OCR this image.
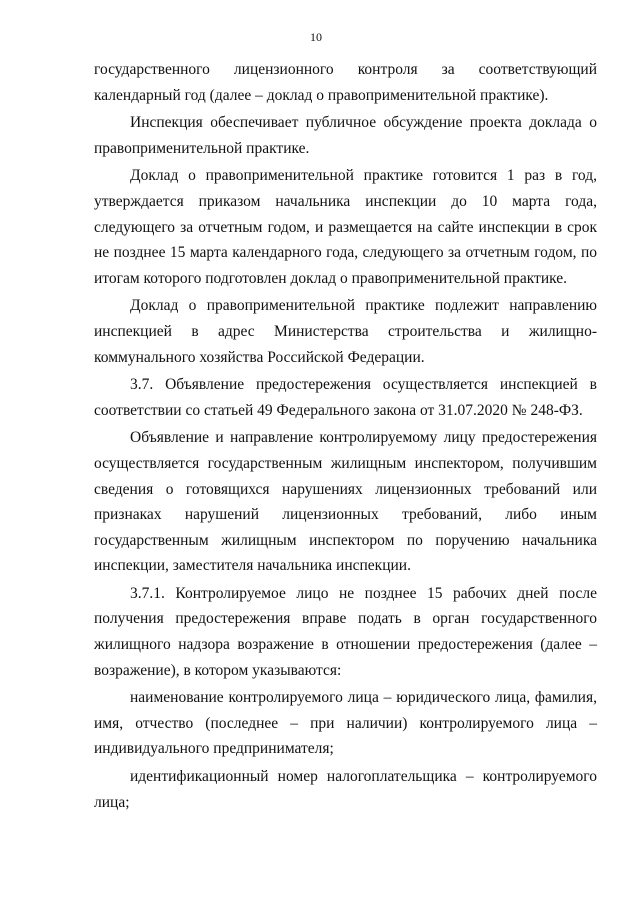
10

государственного лицензионного контроля за соответствующий календарный год (далее – доклад о правоприменительной практике).

Инспекция обеспечивает публичное обсуждение проекта доклада о правоприменительной практике.

Доклад о правоприменительной практике готовится 1 раз в год, утверждается приказом начальника инспекции до 10 марта года, следующего за отчетным годом, и размещается на сайте инспекции в срок не позднее 15 марта календарного года, следующего за отчетным годом, по итогам которого подготовлен доклад о правоприменительной практике.

Доклад о правоприменительной практике подлежит направлению инспекцией в адрес Министерства строительства и жилищно-коммунального хозяйства Российской Федерации.

3.7. Объявление предостережения осуществляется инспекцией в соответствии со статьей 49 Федерального закона от 31.07.2020 № 248-ФЗ.

Объявление и направление контролируемому лицу предостережения осуществляется государственным жилищным инспектором, получившим сведения о готовящихся нарушениях лицензионных требований или признаках нарушений лицензионных требований, либо иным государственным жилищным инспектором по поручению начальника инспекции, заместителя начальника инспекции.

3.7.1. Контролируемое лицо не позднее 15 рабочих дней после получения предостережения вправе подать в орган государственного жилищного надзора возражение в отношении предостережения (далее – возражение), в котором указываются:

наименование контролируемого лица – юридического лица, фамилия, имя, отчество (последнее – при наличии) контролируемого лица – индивидуального предпринимателя;

идентификационный номер налогоплательщика – контролируемого лица;
